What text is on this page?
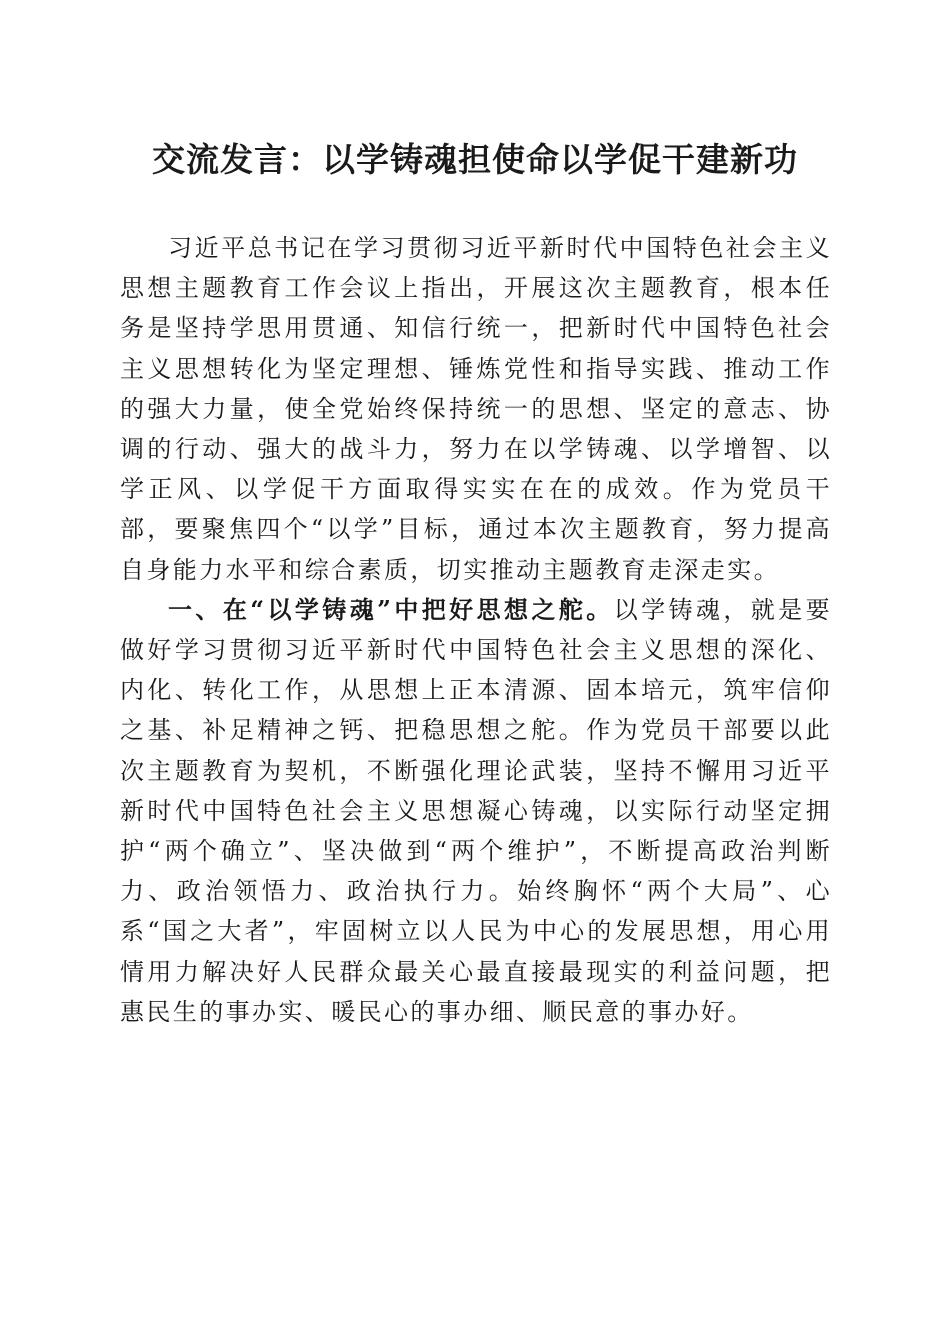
交流发言：以学铸魂担使命以学促干建新功

习近平总书记在学习贯彻习近平新时代中国特色社会主义思想主题教育工作会议上指出，开展这次主题教育，根本任务是坚持学思用贯通、知信行统一，把新时代中国特色社会主义思想转化为坚定理想、锤炼党性和指导实践、推动工作的强大力量，使全党始终保持统一的思想、坚定的意志、协调的行动、强大的战斗力，努力在以学铸魂、以学增智、以学正风、以学促干方面取得实实在在的成效。作为党员干部，要聚焦四个“以学”目标，通过本次主题教育，努力提高自身能力水平和综合素质，切实推动主题教育走深走实。

一、在“以学铸魂”中把好思想之舵。以学铸魂，就是要做好学习贯彻习近平新时代中国特色社会主义思想的深化、内化、转化工作，从思想上正本清源、固本培元，筑牢信仰之基、补足精神之钙、把稳思想之舵。作为党员干部要以此次主题教育为契机，不断强化理论武装，坚持不懈用习近平新时代中国特色社会主义思想凝心铸魂，以实际行动坚定拥护“两个确立”、坚决做到“两个维护”，不断提高政治判断力、政治领悟力、政治执行力。始终胸怀“两个大局”、心系“国之大者”，牢固树立以人民为中心的发展思想，用心用情用力解决好人民群众最关心最直接最现实的利益问题，把惠民生的事办实、暖民心的事办细、顺民意的事办好。
